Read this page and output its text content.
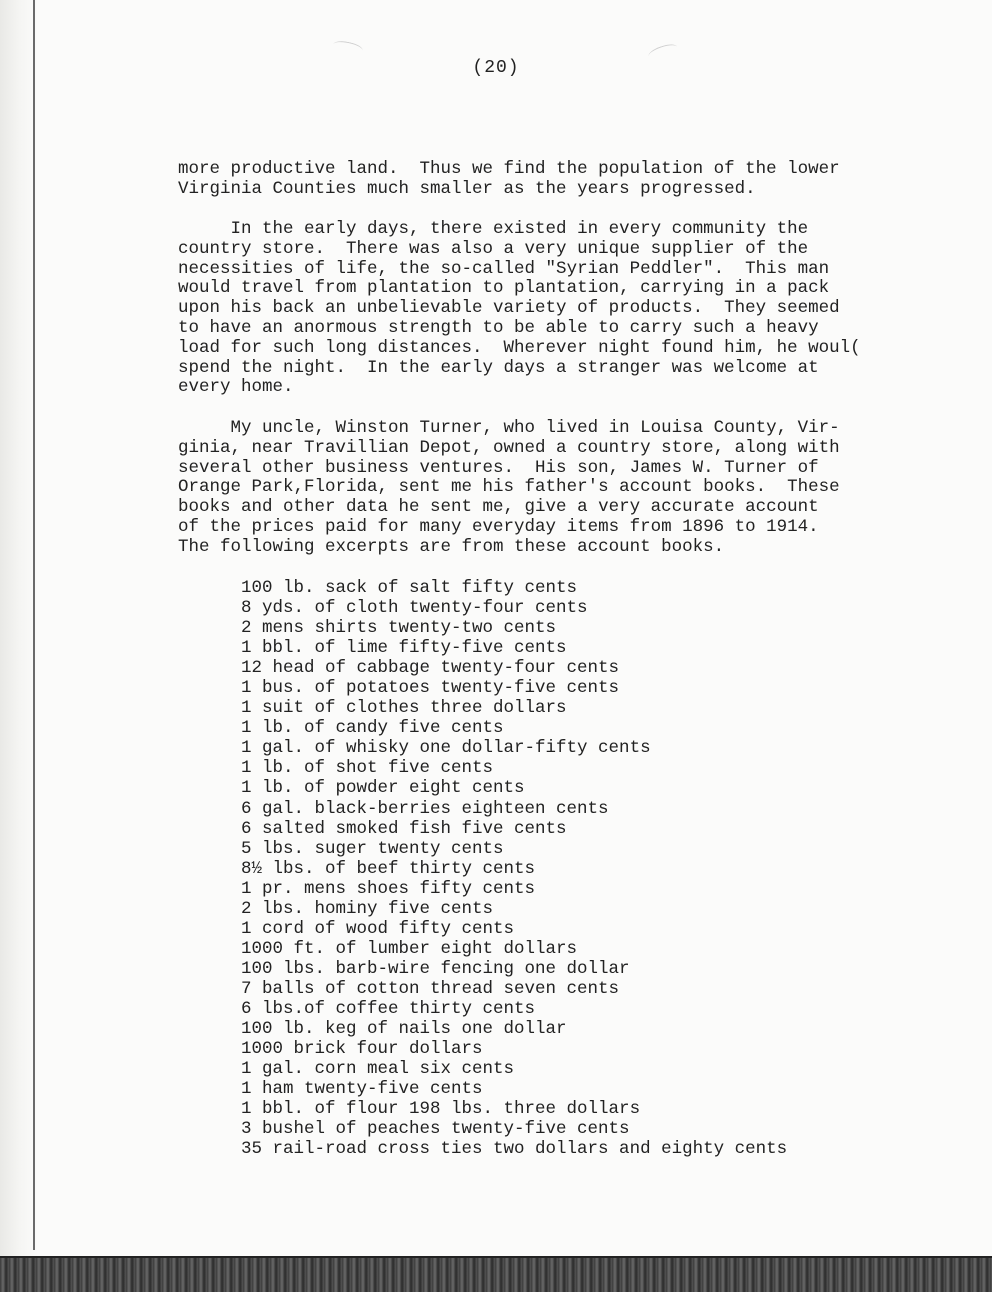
(20)

more productive land.  Thus we find the population of the lower
Virginia Counties much smaller as the years progressed.

In the early days, there existed in every community the
country store.  There was also a very unique supplier of the
necessities of life, the so-called "Syrian Peddler".  This man
would travel from plantation to plantation, carrying in a pack
upon his back an unbelievable variety of products.  They seemed
to have an anormous strength to be able to carry such a heavy
load for such long distances.  Wherever night found him, he woul(
spend the night.  In the early days a stranger was welcome at
every home.

My uncle, Winston Turner, who lived in Louisa County, Vir-
ginia, near Travillian Depot, owned a country store, along with
several other business ventures.  His son, James W. Turner of
Orange Park,Florida, sent me his father's account books.  These
books and other data he sent me, give a very accurate account
of the prices paid for many everyday items from 1896 to 1914.
The following excerpts are from these account books.

100 lb. sack of salt fifty cents
8 yds. of cloth twenty-four cents
2 mens shirts twenty-two cents
1 bbl. of lime fifty-five cents
12 head of cabbage twenty-four cents
1 bus. of potatoes twenty-five cents
1 suit of clothes three dollars
1 lb. of candy five cents
1 gal. of whisky one dollar-fifty cents
1 lb. of shot five cents
1 lb. of powder eight cents
6 gal. black-berries eighteen cents
6 salted smoked fish five cents
5 lbs. suger twenty cents
8½ lbs. of beef thirty cents
1 pr. mens shoes fifty cents
2 lbs. hominy five cents
1 cord of wood fifty cents
1000 ft. of lumber eight dollars
100 lbs. barb-wire fencing one dollar
7 balls of cotton thread seven cents
6 lbs.of coffee thirty cents
100 lb. keg of nails one dollar
1000 brick four dollars
1 gal. corn meal six cents
1 ham twenty-five cents
1 bbl. of flour 198 lbs. three dollars
3 bushel of peaches twenty-five cents
35 rail-road cross ties two dollars and eighty cents
